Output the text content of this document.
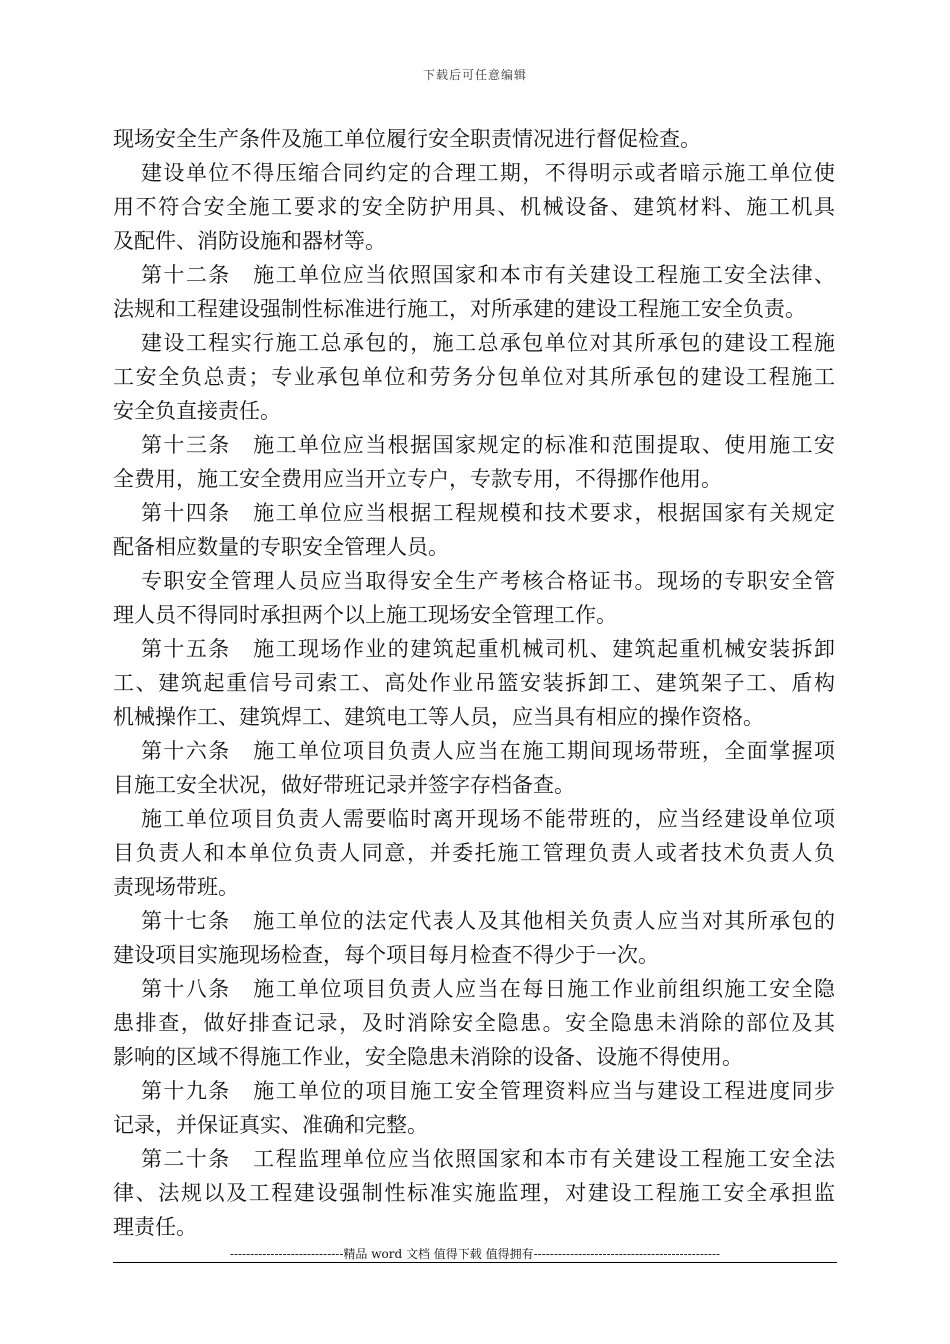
下载后可任意编辑
现场安全生产条件及施工单位履行安全职责情况进行督促检查。
建设单位不得压缩合同约定的合理工期，不得明示或者暗示施工单位使
用不符合安全施工要求的安全防护用具、机械设备、建筑材料、施工机具
及配件、消防设施和器材等。
第十二条　施工单位应当依照国家和本市有关建设工程施工安全法律、
法规和工程建设强制性标准进行施工，对所承建的建设工程施工安全负责。
建设工程实行施工总承包的，施工总承包单位对其所承包的建设工程施
工安全负总责；专业承包单位和劳务分包单位对其所承包的建设工程施工
安全负直接责任。
第十三条　施工单位应当根据国家规定的标准和范围提取、使用施工安
全费用，施工安全费用应当开立专户，专款专用，不得挪作他用。
第十四条　施工单位应当根据工程规模和技术要求，根据国家有关规定
配备相应数量的专职安全管理人员。
专职安全管理人员应当取得安全生产考核合格证书。现场的专职安全管
理人员不得同时承担两个以上施工现场安全管理工作。
第十五条　施工现场作业的建筑起重机械司机、建筑起重机械安装拆卸
工、建筑起重信号司索工、高处作业吊篮安装拆卸工、建筑架子工、盾构
机械操作工、建筑焊工、建筑电工等人员，应当具有相应的操作资格。
第十六条　施工单位项目负责人应当在施工期间现场带班，全面掌握项
目施工安全状况，做好带班记录并签字存档备查。
施工单位项目负责人需要临时离开现场不能带班的，应当经建设单位项
目负责人和本单位负责人同意，并委托施工管理负责人或者技术负责人负
责现场带班。
第十七条　施工单位的法定代表人及其他相关负责人应当对其所承包的
建设项目实施现场检查，每个项目每月检查不得少于一次。
第十八条　施工单位项目负责人应当在每日施工作业前组织施工安全隐
患排查，做好排查记录，及时消除安全隐患。安全隐患未消除的部位及其
影响的区域不得施工作业，安全隐患未消除的设备、设施不得使用。
第十九条　施工单位的项目施工安全管理资料应当与建设工程进度同步
记录，并保证真实、准确和完整。
第二十条　工程监理单位应当依照国家和本市有关建设工程施工安全法
律、法规以及工程建设强制性标准实施监理，对建设工程施工安全承担监
理责任。
----------------------------精品 word 文档 值得下载 值得拥有----------------------------------------------
